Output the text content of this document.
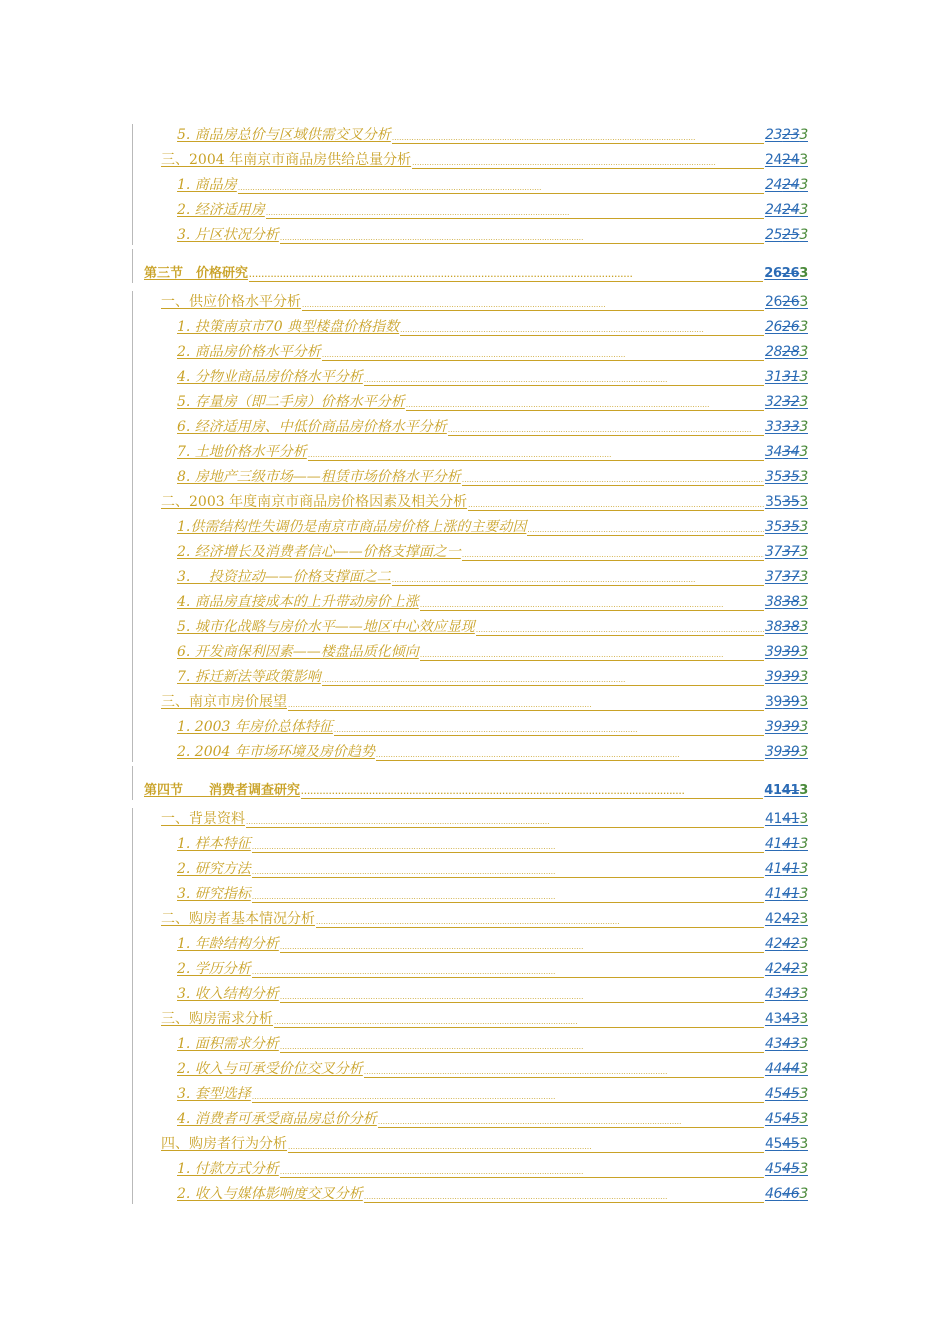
5. 商品房总价与区域供需交叉分析 . . .	23233
三、2004 年南京市商品房供给总量分析 . . .	24243
1. 商品房 . . .	24243
2. 经济适用房 . . .	24243
3. 片区状况分析 . . .	25253
第三节　价格研究 . . .	26263
一、供应价格水平分析 . . .	26263
1. 抉策南京市70 典型楼盘价格指数 . . .	26263
2. 商品房价格水平分析 . . .	28283
4. 分物业商品房价格水平分析 . . .	31313
5. 存量房（即二手房）价格水平分析 . . .	32323
6. 经济适用房、中低价商品房价格水平分析 . . .	33333
7. 土地价格水平分析 . . .	34343
8. 房地产三级市场——租赁市场价格水平分析 . . .	35353
二、2003 年度南京市商品房价格因素及相关分析 . . .	35353
1.供需结构性失调仍是南京市商品房价格上涨的主要动因 . . .	35353
2. 经济增长及消费者信心——价格支撑面之一 . . .	37373
3.　 投资拉动——价格支撑面之二 . . .	37373
4. 商品房直接成本的上升带动房价上涨 . . .	38383
5. 城市化战略与房价水平——地区中心效应显现 . . .	38383
6. 开发商保利因素——楼盘品质化倾向 . . .	39393
7. 拆迁新法等政策影响 . . .	39393
三、南京市房价展望 . . .	39393
1. 2003 年房价总体特征 . . .	39393
2. 2004 年市场环境及房价趋势 . . .	39393
第四节　　消费者调查研究 . . .	41413
一、背景资料 . . .	41413
1. 样本特征 . . .	41413
2. 研究方法 . . .	41413
3. 研究指标 . . .	41413
二、购房者基本情况分析 . . .	42423
1. 年龄结构分析 . . .	42423
2. 学历分析 . . .	42423
3. 收入结构分析 . . .	43433
三、购房需求分析 . . .	43433
1. 面积需求分析 . . .	43433
2. 收入与可承受价位交叉分析 . . .	44443
3. 套型选择 . . .	45453
4. 消费者可承受商品房总价分析 . . .	45453
四、购房者行为分析 . . .	45453
1. 付款方式分析 . . .	45453
2. 收入与媒体影响度交叉分析 . . .	46463
